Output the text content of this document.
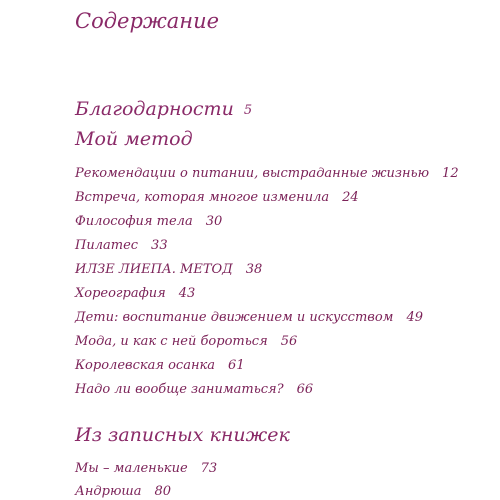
Содержание
Благодарности 5
Мой метод
Рекомендации о питании, выстраданные жизнью 12
Встреча, которая многое изменила 24
Философия тела 30
Пилатес 33
ИЛЗЕ ЛИЕПА. МЕТОД 38
Хореография 43
Дети: воспитание движением и искусством 49
Мода, и как с ней бороться 56
Королевская осанка 61
Надо ли вообще заниматься? 66
Из записных книжек
Мы – маленькие 73
Андрюша 80
